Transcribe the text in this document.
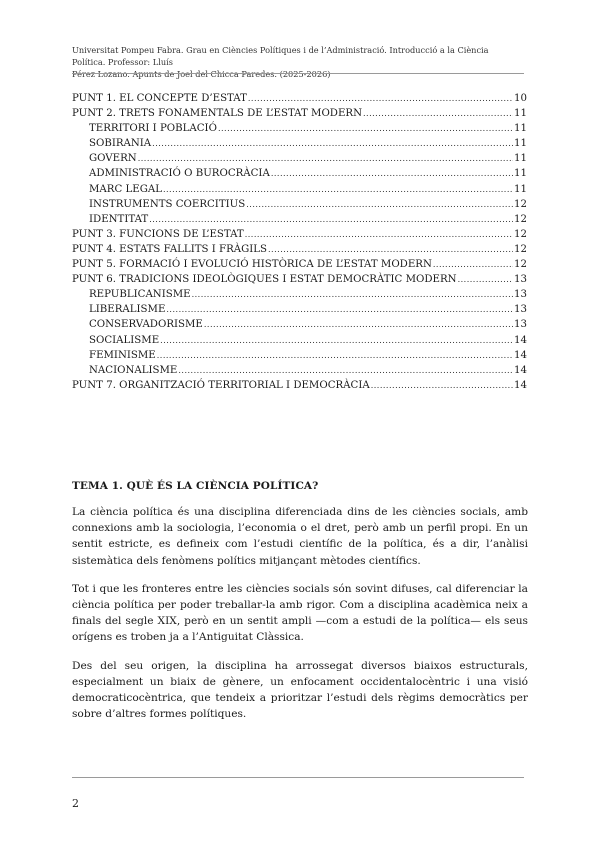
Universitat Pompeu Fabra. Grau en Ciències Polítiques i de l’Administració. Introducció a la Ciència Política. Professor: Lluís
Pérez Lozano. Apunts de Joel del Chicca Paredes. (2025-2026)
PUNT 1. EL CONCEPTE D’ESTAT .....	10
PUNT 2. TRETS FONAMENTALS DE L’ESTAT MODERN .....	11
TERRITORI I POBLACIÓ .....	11
SOBIRANIA .....	11
GOVERN .....	11
ADMINISTRACIÓ O BUROCRÀCIA .....	11
MARC LEGAL .....	11
INSTRUMENTS COERCITIUS .....	12
IDENTITAT .....	12
PUNT 3. FUNCIONS DE L’ESTAT .....	12
PUNT 4. ESTATS FALLITS I FRÀGILS .....	12
PUNT 5. FORMACIÓ I EVOLUCIÓ HISTÒRICA DE L’ESTAT MODERN .....	12
PUNT 6. TRADICIONS IDEOLÒGIQUES I ESTAT DEMOCRÀTIC MODERN .....	13
REPUBLICANISME .....	13
LIBERALISME .....	13
CONSERVADORISME .....	13
SOCIALISME .....	14
FEMINISME .....	14
NACIONALISME .....	14
PUNT 7. ORGANITZACIÓ TERRITORIAL I DEMOCRÀCIA .....	14
TEMA 1. QUÈ ÉS LA CIÈNCIA POLÍTICA?

La ciència política és una disciplina diferenciada dins de les ciències socials, amb connexions amb la sociologia, l’economia o el dret, però amb un perfil propi. En un sentit estricte, es defineix com l’estudi científic de la política, és a dir, l’anàlisi sistemàtica dels fenòmens polítics mitjançant mètodes científics.

Tot i que les fronteres entre les ciències socials són sovint difuses, cal diferenciar la ciència política per poder treballar-la amb rigor. Com a disciplina acadèmica neix a finals del segle XIX, però en un sentit ampli —com a estudi de la política— els seus orígens es troben ja a l’Antiguitat Clàssica.

Des del seu origen, la disciplina ha arrossegat diversos biaixos estructurals, especialment un biaix de gènere, un enfocament occidentalocèntric i una visió democraticocèntrica, que tendeix a prioritzar l’estudi dels règims democràtics per sobre d’altres formes polítiques.

2
